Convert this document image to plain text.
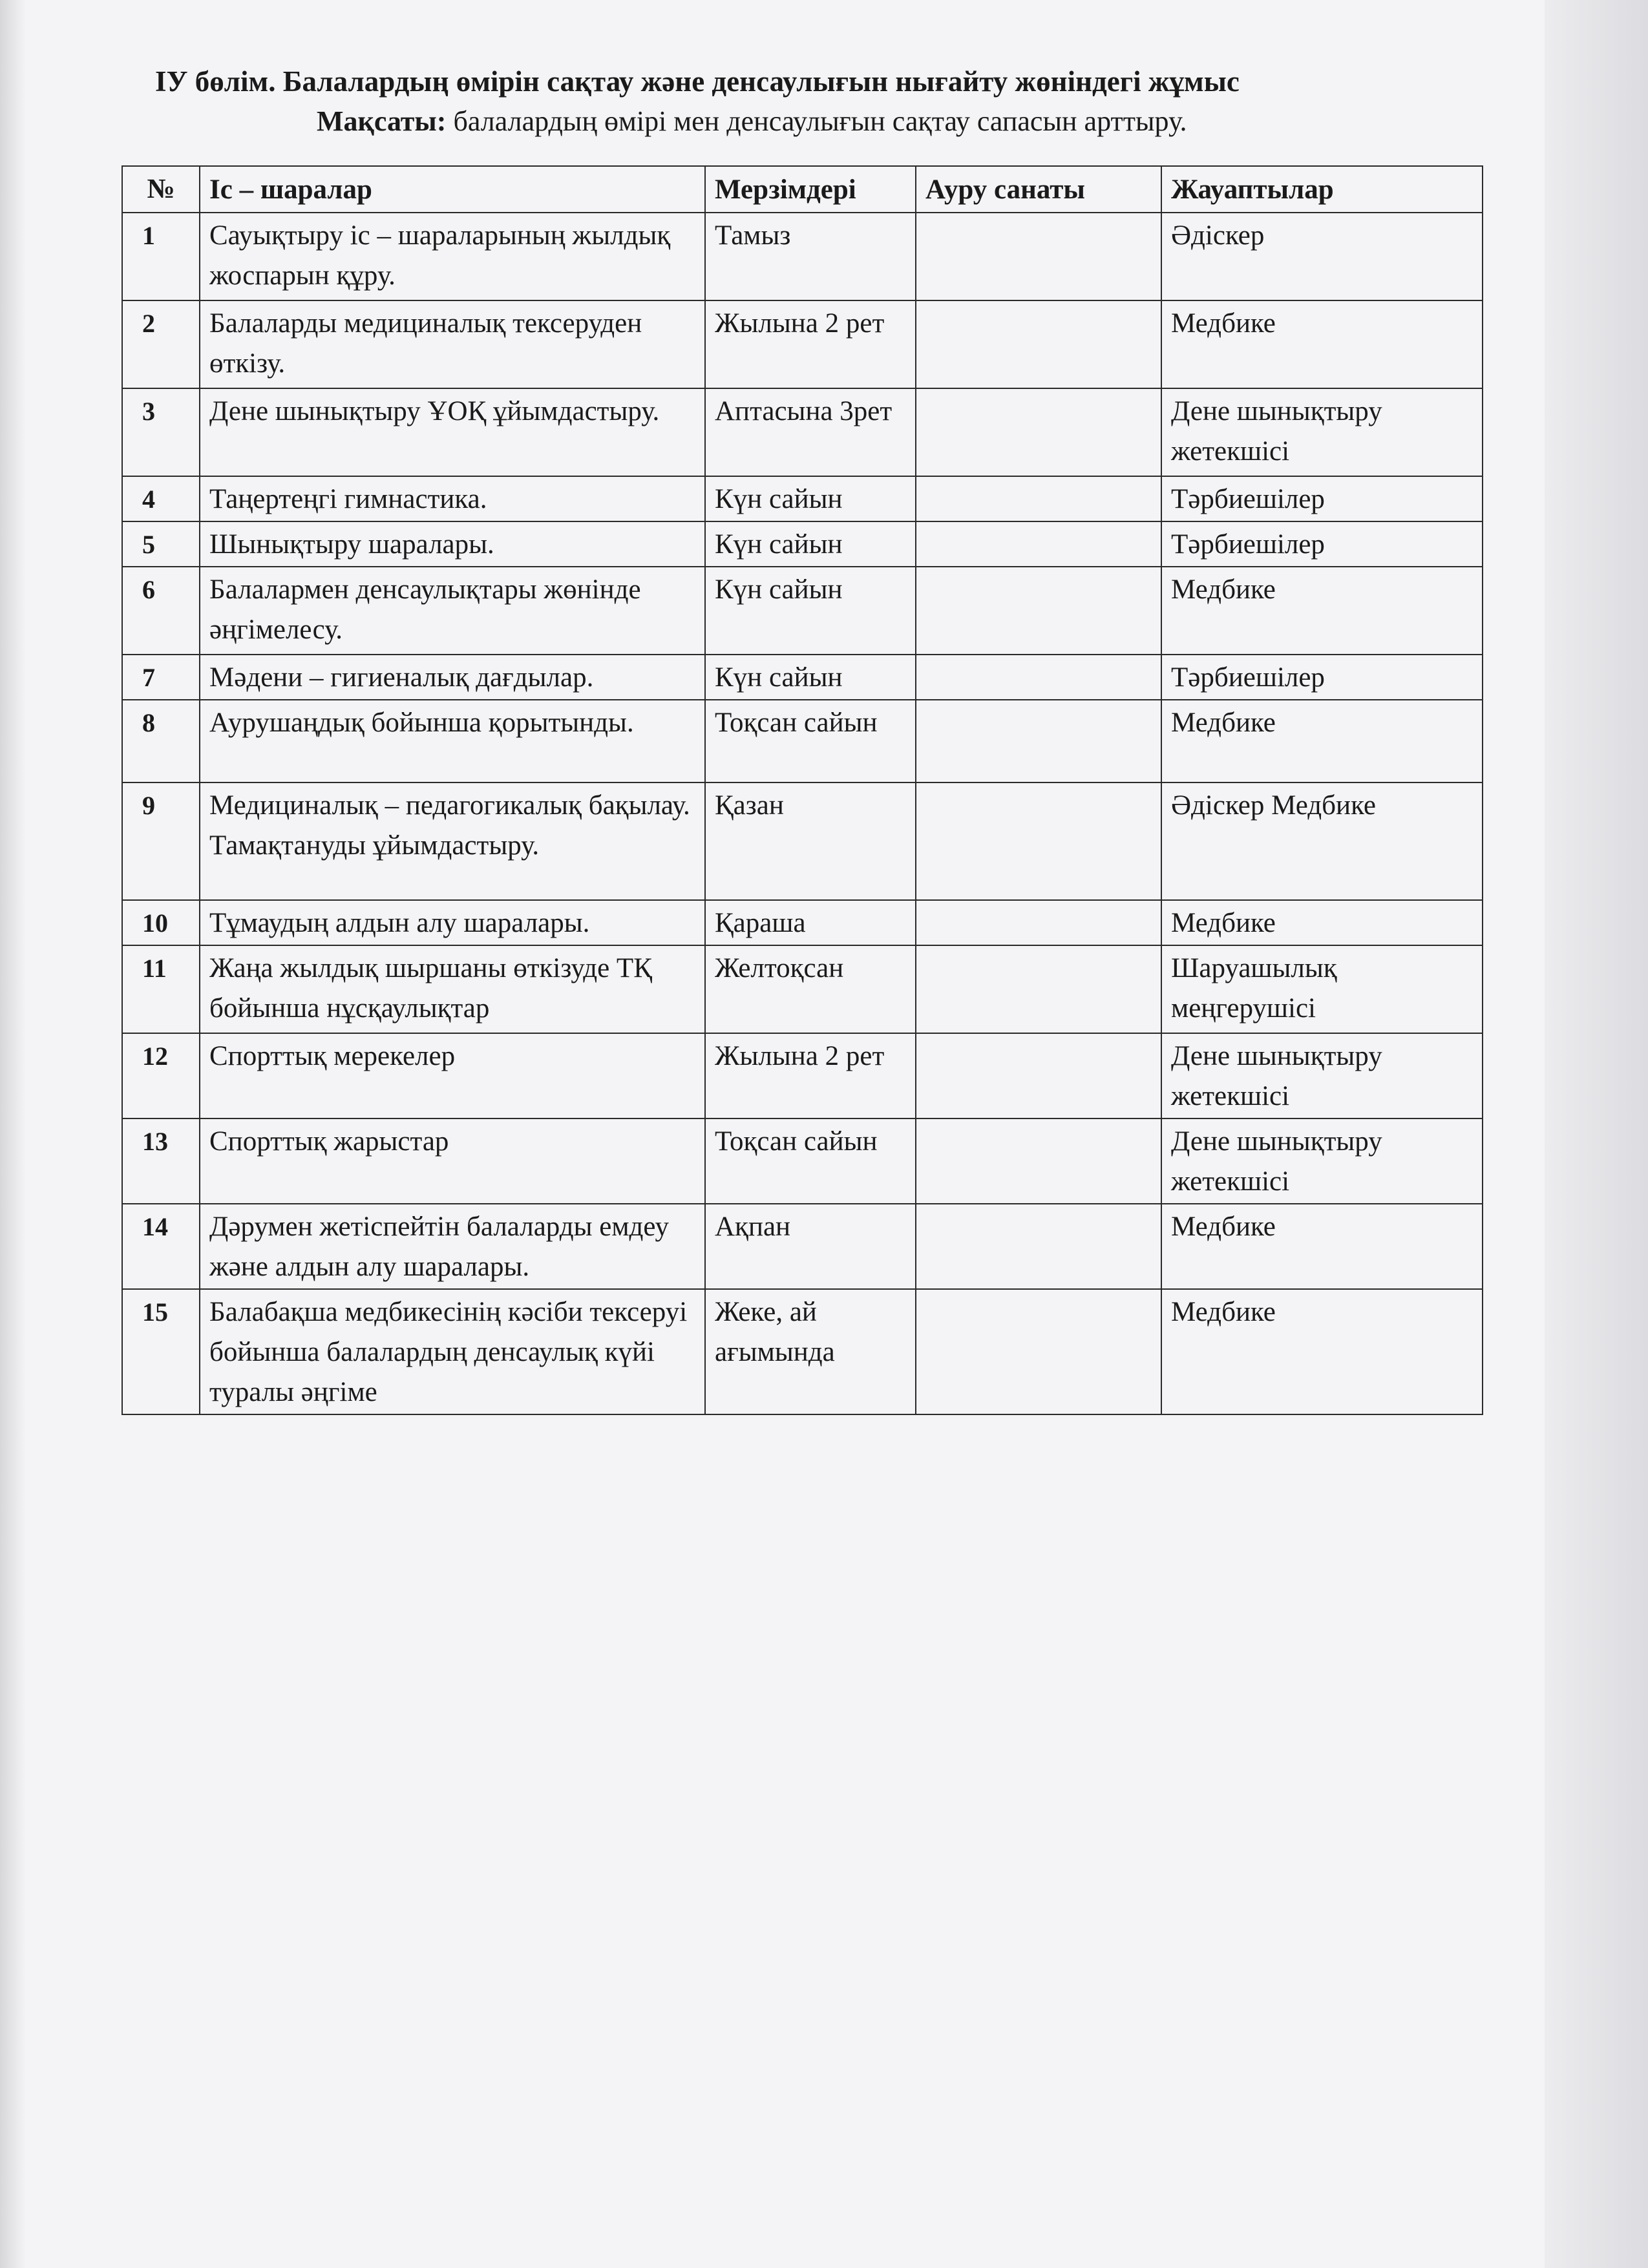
IУ бөлім. Балалардың өмірін сақтау және денсаулығын нығайту жөніндегі жұмыс
Мақсаты: балалардың өмірі мен денсаулығын сақтау сапасын арттыру.
№	Іс – шаралар	Мерзімдері	Ауру санаты	Жауаптылар
1	Сауықтыру іс – шараларының жылдық жоспарын құру.	Тамыз		Әдіскер
2	Балаларды медициналық тексеруден өткізу.	Жылына 2 рет		Медбике
3	Дене шынықтыру ҰОҚ ұйымдастыру.	Аптасына 3рет		Дене шынықтыру жетекшісі
4	Таңертеңгі гимнастика.	Күн сайын		Тәрбиешілер
5	Шынықтыру шаралары.	Күн сайын		Тәрбиешілер
6	Балалармен денсаулықтары жөнінде әңгімелесу.	Күн сайын		Медбике
7	Мәдени – гигиеналық дағдылар.	Күн сайын		Тәрбиешілер
8	Аурушаңдық бойынша қорытынды.	Тоқсан сайын		Медбике
9	Медициналық – педагогикалық бақылау. Тамақтануды ұйымдастыру.	Қазан		Әдіскер Медбике
10	Тұмаудың алдын алу шаралары.	Қараша		Медбике
11	Жаңа жылдық шыршаны өткізуде ТҚ бойынша нұсқаулықтар	Желтоқсан		Шаруашылық меңгерушісі
12	Спорттық мерекелер	Жылына 2 рет		Дене шынықтыру жетекшісі
13	Спорттық жарыстар	Тоқсан сайын		Дене шынықтыру жетекшісі
14	Дәрумен жетіспейтін балаларды емдеу және алдын алу шаралары.	Ақпан		Медбике
15	Балабақша медбикесінің кәсіби тексеруі бойынша балалардың денсаулық күйі туралы әңгіме	Жеке, ай ағымында		Медбике
